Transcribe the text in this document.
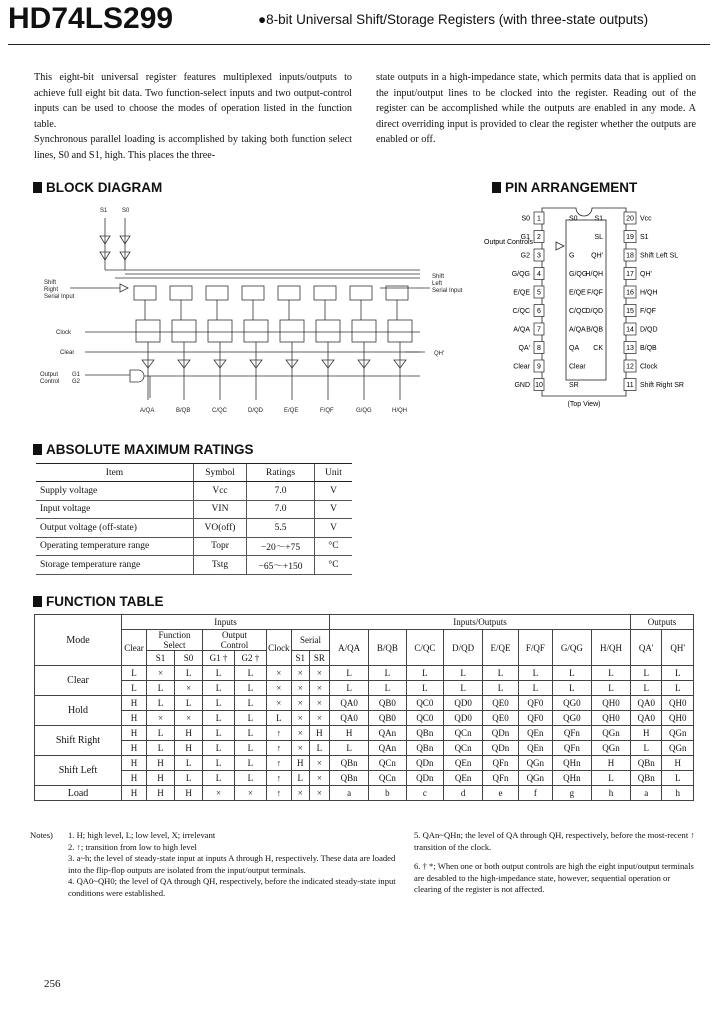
HD74LS299	●8-bit Universal Shift/Storage Registers (with three-state outputs)
This eight-bit universal register features multiplexed inputs/outputs to achieve full eight bit data. Two function-select inputs and two output-control inputs can be used to choose the modes of operation listed in the function table.
Synchronous parallel loading is accomplished by taking both function select lines, S0 and S1, high. This places the three-
state outputs in a high-impedance state, which permits data that is applied on the input/output lines to be clocked into the register. Reading out of the register can be accomplished while the outputs are enabled in any mode. A direct overriding input is provided to clear the register whether the outputs are enabled or off.
BLOCK DIAGRAM	PIN ARRANGEMENT
S1 S0
Shift
Right
Serial Input
Shift
Left
Serial Input
Clock
Clear
Output
Control
G1
G2
QH'
A/QA	B/QB	C/QC	D/QD	E/QE	F/QF	G/QG	H/QH
1
S0	S0	20 Vcc
S1
2
G1	19 S1
SL
3
G2	G	18 Shift Left SL
QH'
4
G/QG	G/QG	17 QH'
H/QH
5
E/QE	E/QE	16 H/QH
F/QF
6
C/QC	C/QC	15 F/QF
D/QD
7
A/QA	A/QA	14 D/QD
B/QB
8
QA'	QA	13 B/QB
CK
9
Clear	Clear	12 Clock
10
GND	SR	11 Shift Right SR
(Top View)
Output Controls
ABSOLUTE MAXIMUM RATINGS
Item	Symbol	Ratings	Unit
Supply voltage	Vcc	7.0	V
Input voltage	VIN	7.0	V
Output voltage (off-state)	VO(off)	5.5	V
Operating temperature range	Topr	−20～+75	°C
Storage temperature range	Tstg	−65～+150	°C
FUNCTION TABLE
Mode	Inputs								Inputs/Outputs								Outputs	
	Clear	Function
Select		Output
Control		Clock	Serial		A/QA	B/QB	C/QC	D/QD	E/QE	F/QF	G/QG	H/QH	QA'	QH'
		S1	S0	G1 †	G2 †		S1	SR										
Clear	L	×	L	L	L	×	×	×	L	L	L	L	L	L	L	L	L	L
	L	L	×	L	L	×	×	×	L	L	L	L	L	L	L	L	L	L
Hold	H	L	L	L	L	×	×	×	QA0	QB0	QC0	QD0	QE0	QF0	QG0	QH0	QA0	QH0
	H	×	×	L	L	L	×	×	QA0	QB0	QC0	QD0	QE0	QF0	QG0	QH0	QA0	QH0
Shift Right	H	L	H	L	L	↑	×	H	H	QAn	QBn	QCn	QDn	QEn	QFn	QGn	H	QGn
	H	L	H	L	L	↑	×	L	L	QAn	QBn	QCn	QDn	QEn	QFn	QGn	L	QGn
Shift Left	H	H	L	L	L	↑	H	×	QBn	QCn	QDn	QEn	QFn	QGn	QHn	H	QBn	H
	H	H	L	L	L	↑	L	×	QBn	QCn	QDn	QEn	QFn	QGn	QHn	L	QBn	L
Load	H	H	H	×	×	↑	×	×	a	b	c	d	e	f	g	h	a	h
Notes) 1. H; high level, L; low level, X; irrelevant
2. ↑; transition from low to high level
3. a~h; the level of steady-state input at inputs A through H, respectively. These data are loaded into the flip-flop outputs are isolated from the input/output terminals.
4. QA0~QH0; the level of QA through QH, respectively, before the indicated steady-state input conditions were established.
5. QAn~QHn; the level of QA through QH, respectively, before the most-recent ↑ transition of the clock.
6. † *; When one or both output controls are high the eight input/output terminals are desabled to the high-impedance state, however, sequential operation or clearing of the register is not affected.
256
